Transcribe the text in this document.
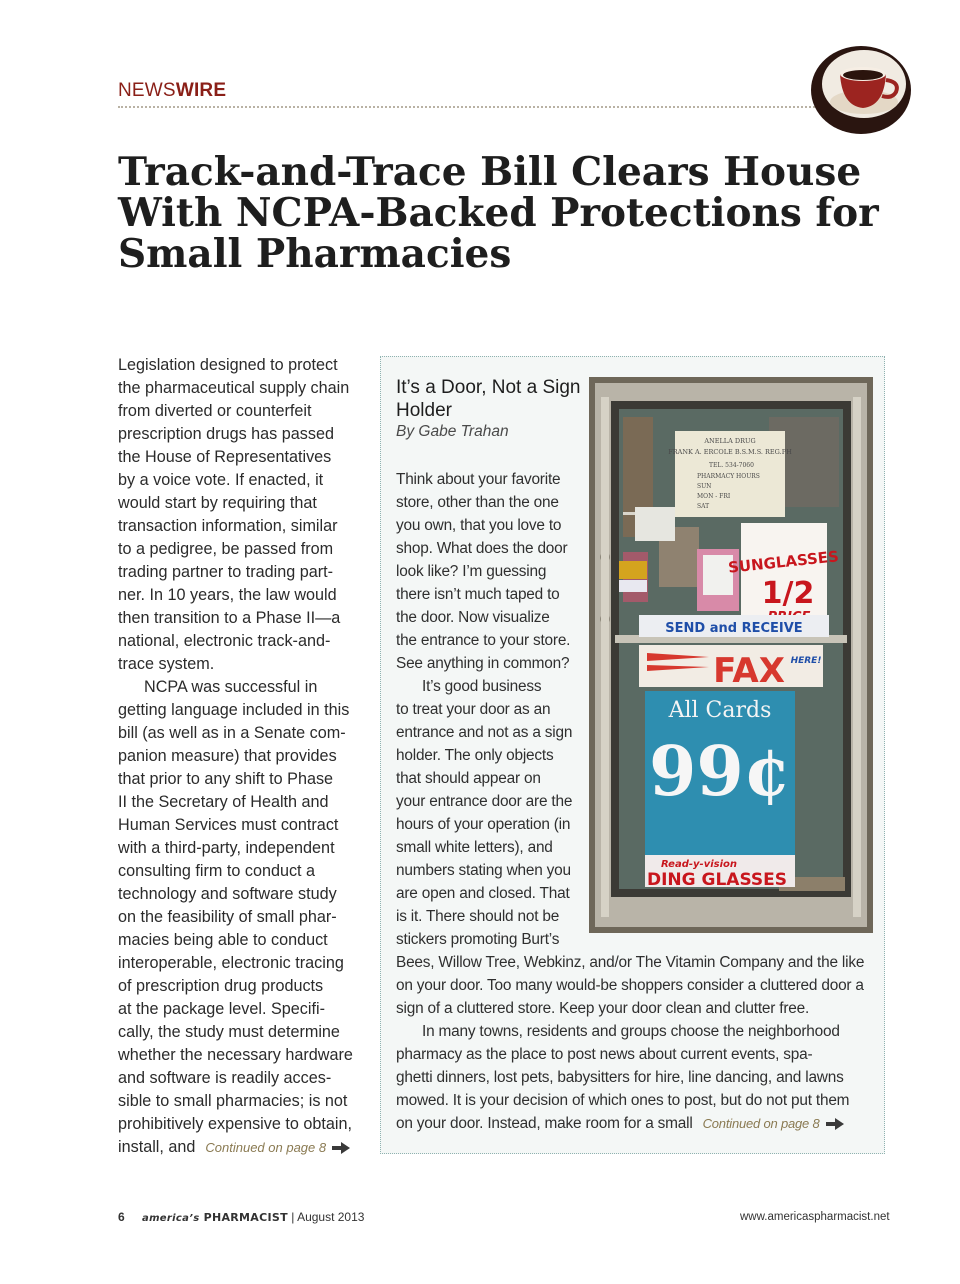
NEWSWIRE
Track-and-Trace Bill Clears House
With NCPA-Backed Protections for
Small Pharmacies

Legislation designed to protect
the pharmaceutical supply chain
from diverted or counterfeit
prescription drugs has passed
the House of Representatives
by a voice vote. If enacted, it
would start by requiring that
transaction information, similar
to a pedigree, be passed from
trading partner to trading part-
ner. In 10 years, the law would
then transition to a Phase II—a
national, electronic track-and-
trace system.

NCPA was successful in
getting language included in this
bill (as well as in a Senate com-
panion measure) that provides
that prior to any shift to Phase
II the Secretary of Health and
Human Services must contract
with a third-party, independent
consulting firm to conduct a
technology and software study
on the feasibility of small phar-
macies being able to conduct
interoperable, electronic tracing
of prescription drug products
at the package level. Specifi-
cally, the study must determine
whether the necessary hardware
and software is readily acces-
sible to small pharmacies; is not
prohibitively expensive to obtain,
install, and Continued on page 8

It’s a Door, Not a Sign Holder
By Gabe Trahan

Think about your favorite
store, other than the one
you own, that you love to
shop. What does the door
look like? I’m guessing
there isn’t much taped to
the door. Now visualize
the entrance to your store.
See anything in common?

It’s good business
to treat your door as an
entrance and not as a sign
holder. The only objects
that should appear on
your entrance door are the
hours of your operation (in
small white letters), and
numbers stating when you
are open and closed. That
is it. There should not be
stickers promoting Burt’s
Bees, Willow Tree, Webkinz, and/or The Vitamin Company and the like
on your door. Too many would-be shoppers consider a cluttered door a
sign of a cluttered store. Keep your door clean and clutter free.

In many towns, residents and groups choose the neighborhood
pharmacy as the place to post news about current events, spa-
ghetti dinners, lost pets, babysitters for hire, line dancing, and lawns
mowed. It is your decision of which ones to post, but do not put them
on your door. Instead, make room for a small Continued on page 8

ANELLA DRUG
FRANK A. ERCOLE B.S.M.S. REG.PH
TEL. 534-7060
PHARMACY HOURS
SUN
MON - FRI
SAT
SUNGLASSES
1/2
SEND and RECEIVE
FAX HERE!
All Cards
99¢
Read-y-vision
DING GLASSES
6 america’s PHARMACIST | August 2013	www.americaspharmacist.net
